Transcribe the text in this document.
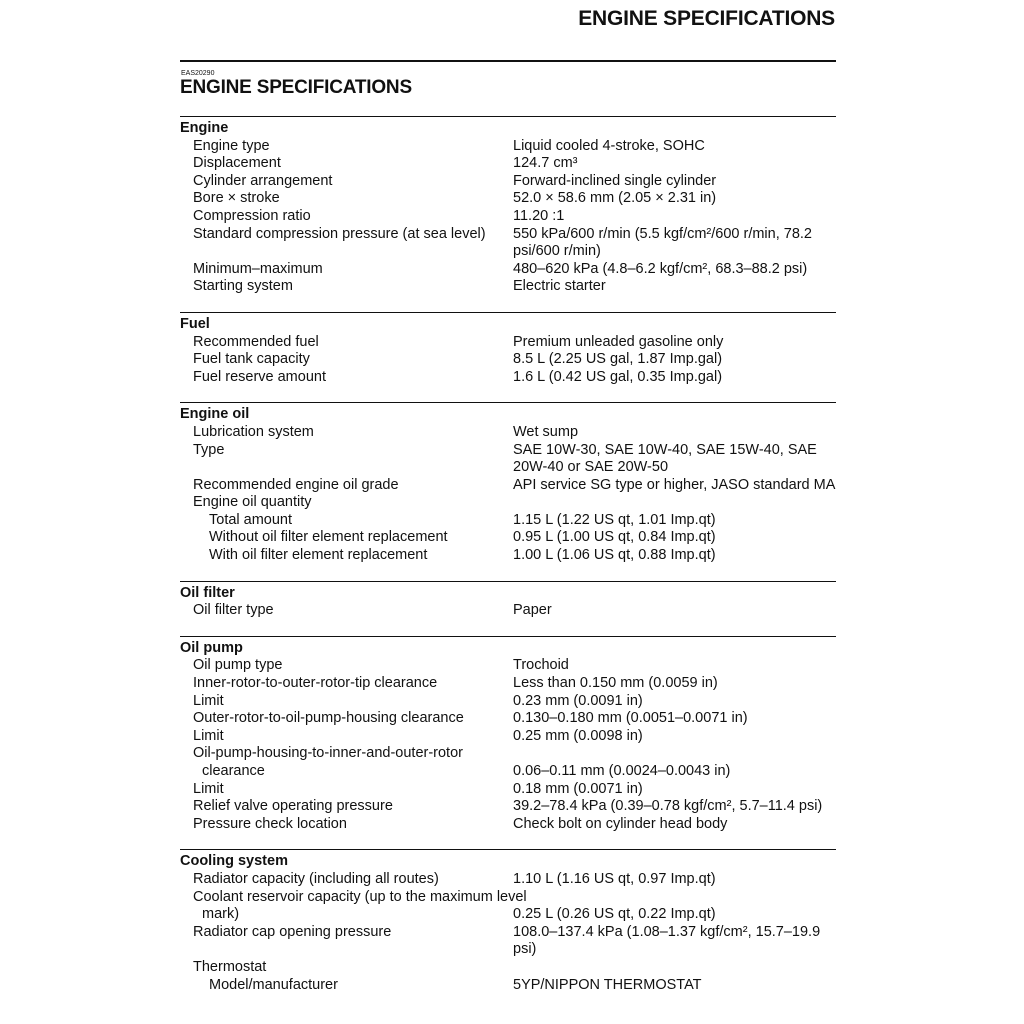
ENGINE SPECIFICATIONS
EAS20290
ENGINE SPECIFICATIONS
Engine
Engine type	Liquid cooled 4-stroke, SOHC
Displacement	124.7 cm³
Cylinder arrangement	Forward-inclined single cylinder
Bore × stroke	52.0 × 58.6 mm (2.05 × 2.31 in)
Compression ratio	11.20 :1
Standard compression pressure (at sea level)	550 kPa/600 r/min (5.5 kgf/cm²/600 r/min, 78.2 psi/600 r/min)
Minimum–maximum	480–620 kPa (4.8–6.2 kgf/cm², 68.3–88.2 psi)
Starting system	Electric starter
Fuel
Recommended fuel	Premium unleaded gasoline only
Fuel tank capacity	8.5 L (2.25 US gal, 1.87 Imp.gal)
Fuel reserve amount	1.6 L (0.42 US gal, 0.35 Imp.gal)
Engine oil
Lubrication system	Wet sump
Type	SAE 10W-30, SAE 10W-40, SAE 15W-40, SAE 20W-40 or SAE 20W-50
Recommended engine oil grade	API service SG type or higher, JASO standard MA
Engine oil quantity
Total amount	1.15 L (1.22 US qt, 1.01 Imp.qt)
Without oil filter element replacement	0.95 L (1.00 US qt, 0.84 Imp.qt)
With oil filter element replacement	1.00 L (1.06 US qt, 0.88 Imp.qt)
Oil filter
Oil filter type	Paper
Oil pump
Oil pump type	Trochoid
Inner-rotor-to-outer-rotor-tip clearance	Less than 0.150 mm (0.0059 in)
Limit	0.23 mm (0.0091 in)
Outer-rotor-to-oil-pump-housing clearance	0.130–0.180 mm (0.0051–0.0071 in)
Limit	0.25 mm (0.0098 in)
Oil-pump-housing-to-inner-and-outer-rotor
clearance	0.06–0.11 mm (0.0024–0.0043 in)
Limit	0.18 mm (0.0071 in)
Relief valve operating pressure	39.2–78.4 kPa (0.39–0.78 kgf/cm², 5.7–11.4 psi)
Pressure check location	Check bolt on cylinder head body
Cooling system
Radiator capacity (including all routes)	1.10 L (1.16 US qt, 0.97 Imp.qt)
Coolant reservoir capacity (up to the maximum level
mark)	0.25 L (0.26 US qt, 0.22 Imp.qt)
Radiator cap opening pressure	108.0–137.4 kPa (1.08–1.37 kgf/cm², 15.7–19.9 psi)
Thermostat
Model/manufacturer	5YP/NIPPON THERMOSTAT
